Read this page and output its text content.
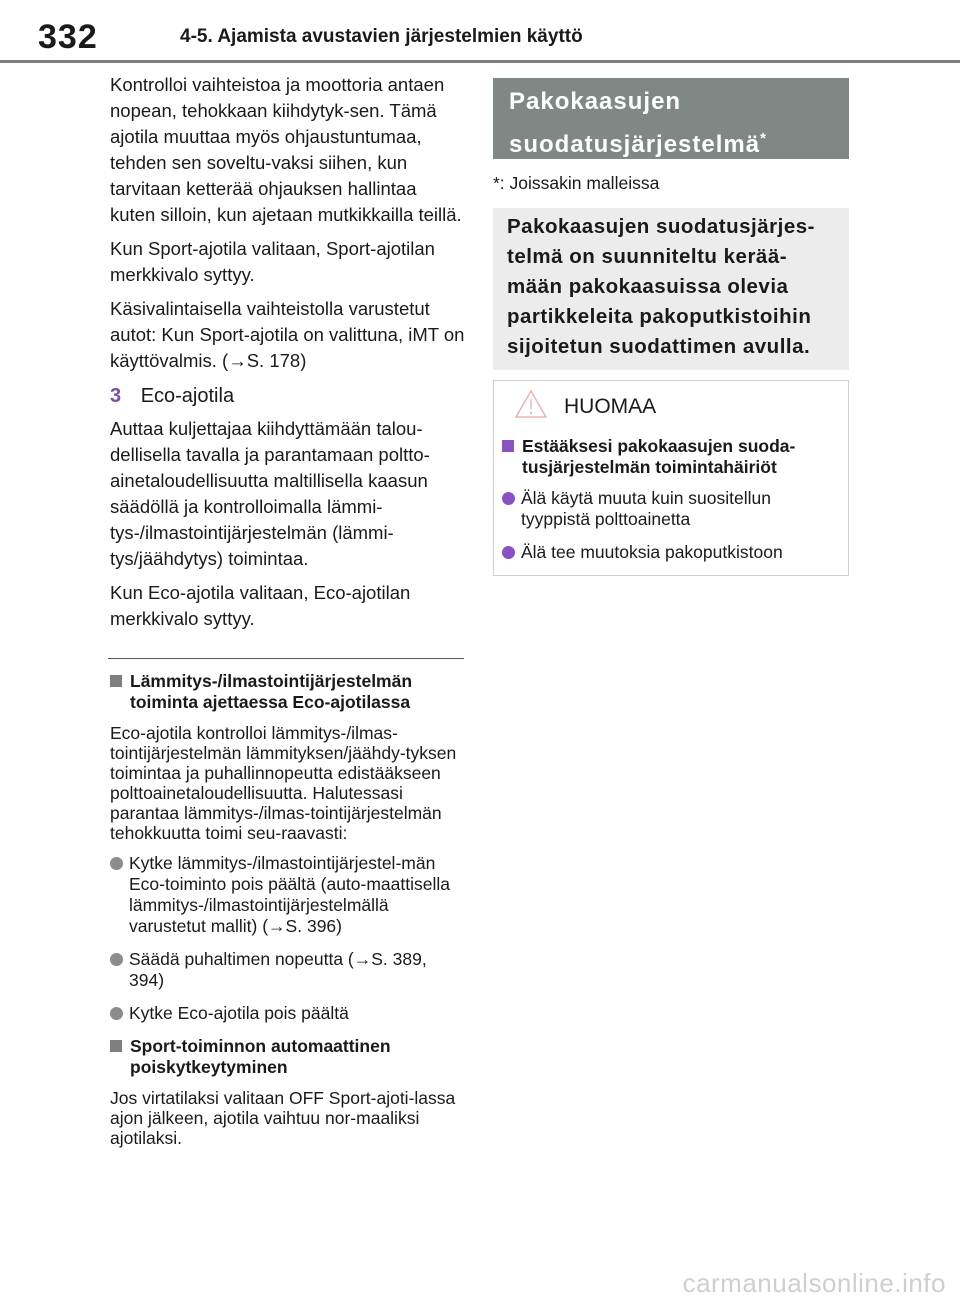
332	4-5. Ajamista avustavien järjestelmien käyttö

Kontrolloi vaihteistoa ja moottoria antaen nopean, tehokkaan kiihdytyk-sen. Tämä ajotila muuttaa myös ohjaustuntumaa, tehden sen soveltu-vaksi siihen, kun tarvitaan ketterää ohjauksen hallintaa kuten silloin, kun ajetaan mutkikkailla teillä.

Kun Sport-ajotila valitaan, Sport-ajotilan merkkivalo syttyy.

Käsivalintaisella vaihteistolla varustetut autot: Kun Sport-ajotila on valittuna, iMT on käyttövalmis. (→S. 178)

3 Eco-ajotila

Auttaa kuljettajaa kiihdyttämään talou-dellisella tavalla ja parantamaan poltto-ainetaloudellisuutta maltillisella kaasun säädöllä ja kontrolloimalla lämmi-tys-/ilmastointijärjestelmän (lämmi-tys/jäähdytys) toimintaa.

Kun Eco-ajotila valitaan, Eco-ajotilan merkkivalo syttyy.

Lämmitys-/ilmastointijärjestelmän toiminta ajettaessa Eco-ajotilassa

Eco-ajotila kontrolloi lämmitys-/ilmas-tointijärjestelmän lämmityksen/jäähdy-tyksen toimintaa ja puhallinnopeutta edistääkseen polttoainetaloudellisuutta. Halutessasi parantaa lämmitys-/ilmas-tointijärjestelmän tehokkuutta toimi seu-raavasti:

Kytke lämmitys-/ilmastointijärjestel-män Eco-toiminto pois päältä (auto-maattisella lämmitys-/ilmastointijärjestelmällä varustetut mallit) (→S. 396)
Säädä puhaltimen nopeutta (→S. 389, 394)
Kytke Eco-ajotila pois päältä
Sport-toiminnon automaattinen poiskytkeytyminen

Jos virtatilaksi valitaan OFF Sport-ajoti-lassa ajon jälkeen, ajotila vaihtuu nor-maaliksi ajotilaksi.

Pakokaasujen
suodatusjärjestelmä*
*: Joissakin malleissa
Pakokaasujen suodatusjärjes-telmä on suunniteltu kerää-mään pakokaasuissa olevia partikkeleita pakoputkistoihin sijoitetun suodattimen avulla.
HUOMAA
Estääksesi pakokaasujen suoda-tusjärjestelmän toimintahäiriöt
Älä käytä muuta kuin suositellun tyyppistä polttoainetta
Älä tee muutoksia pakoputkistoon
carmanualsonline.info
